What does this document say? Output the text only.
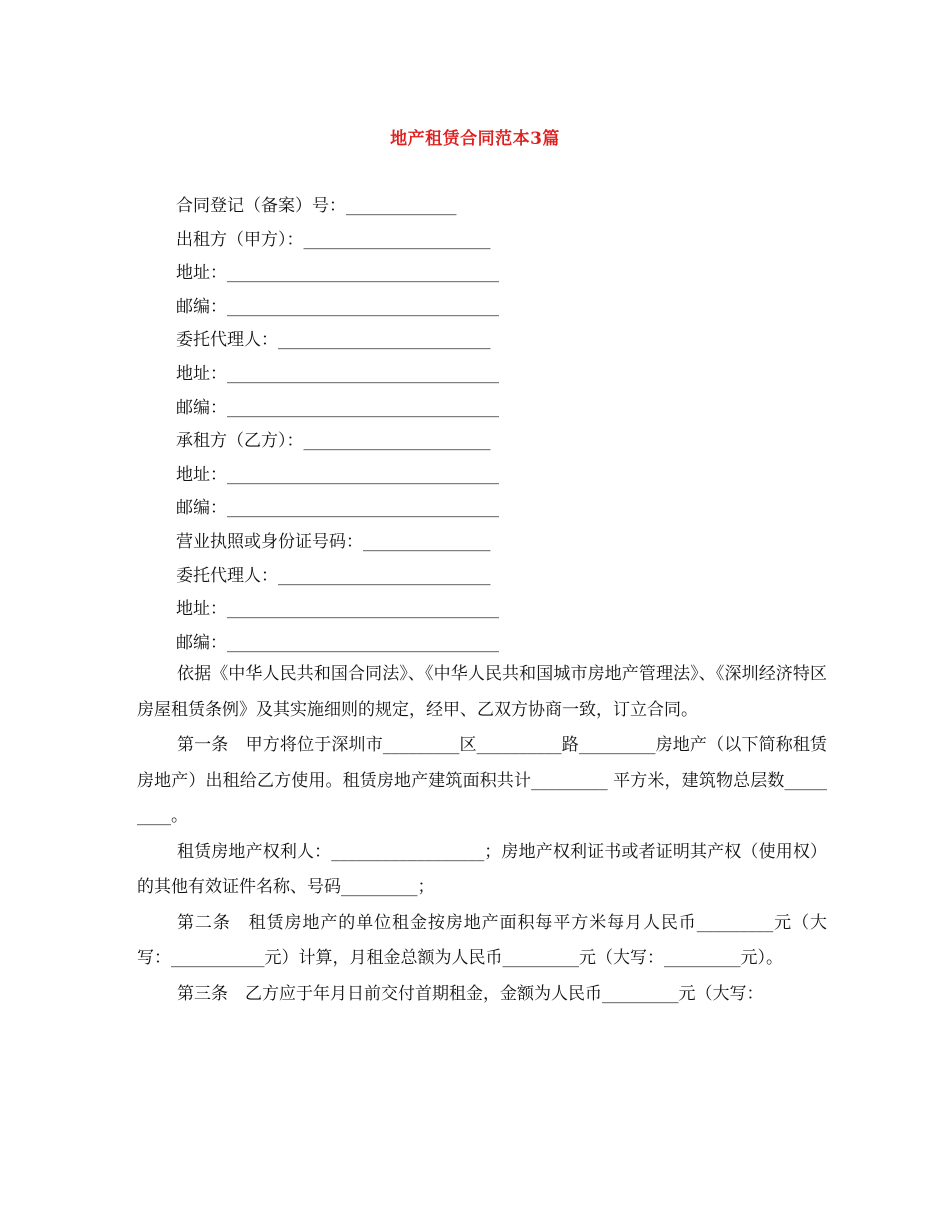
地产租赁合同范本3篇
合同登记（备案）号：_____________
出租方（甲方）：______________________
地址：________________________________
邮编：________________________________
委托代理人：_________________________
地址：________________________________
邮编：________________________________
承租方（乙方）：______________________
地址：________________________________
邮编：________________________________
营业执照或身份证号码：_______________
委托代理人：_________________________
地址：________________________________
邮编：________________________________

依据《中华人民共和国合同法》、《中华人民共和国城市房地产管理法》、《深圳经济特区房屋租赁条例》及其实施细则的规定，经甲、乙双方协商一致，订立合同。

第一条　甲方将位于深圳市_________区__________路_________房地产（以下简称租赁房地产）出租给乙方使用。租赁房地产建筑面积共计_________ 平方米，建筑物总层数_________。

租赁房地产权利人：__________________；房地产权利证书或者证明其产权（使用权）的其他有效证件名称、号码_________；

第二条　租赁房地产的单位租金按房地产面积每平方米每月人民币_________元（大写：___________元）计算，月租金总额为人民币_________元（大写：_________元）。

第三条　乙方应于年月日前交付首期租金，金额为人民币_________元（大写：
